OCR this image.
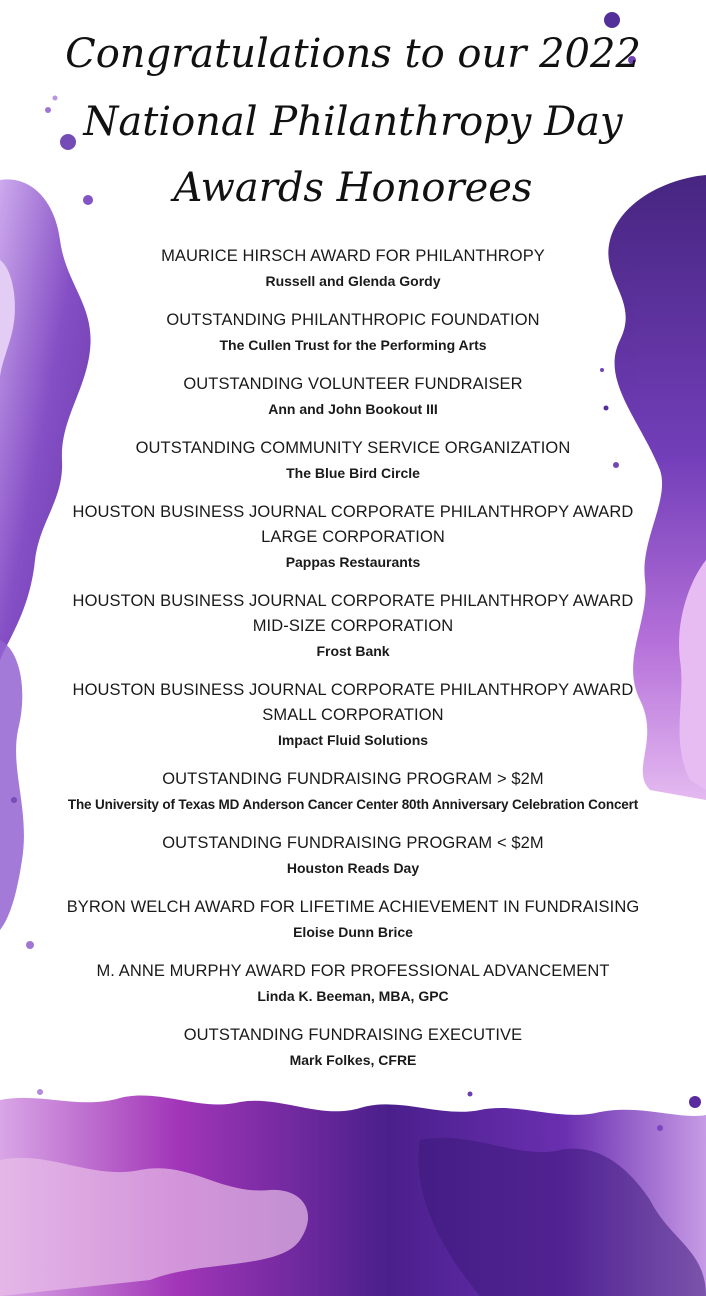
Congratulations to our 2022
National Philanthropy Day
Awards Honorees
MAURICE HIRSCH AWARD FOR PHILANTHROPY
Russell and Glenda Gordy
OUTSTANDING PHILANTHROPIC FOUNDATION
The Cullen Trust for the Performing Arts
OUTSTANDING VOLUNTEER FUNDRAISER
Ann and John Bookout III
OUTSTANDING COMMUNITY SERVICE ORGANIZATION
The Blue Bird Circle
HOUSTON BUSINESS JOURNAL CORPORATE PHILANTHROPY AWARD
LARGE CORPORATION
Pappas Restaurants
HOUSTON BUSINESS JOURNAL CORPORATE PHILANTHROPY AWARD
MID-SIZE CORPORATION
Frost Bank
HOUSTON BUSINESS JOURNAL CORPORATE PHILANTHROPY AWARD
SMALL CORPORATION
Impact Fluid Solutions
OUTSTANDING FUNDRAISING PROGRAM > $2M
The University of Texas MD Anderson Cancer Center 80th Anniversary Celebration Concert
OUTSTANDING FUNDRAISING PROGRAM < $2M
Houston Reads Day
BYRON WELCH AWARD FOR LIFETIME ACHIEVEMENT IN FUNDRAISING
Eloise Dunn Brice
M. ANNE MURPHY AWARD FOR PROFESSIONAL ADVANCEMENT
Linda K. Beeman, MBA, GPC
OUTSTANDING FUNDRAISING EXECUTIVE
Mark Folkes, CFRE
